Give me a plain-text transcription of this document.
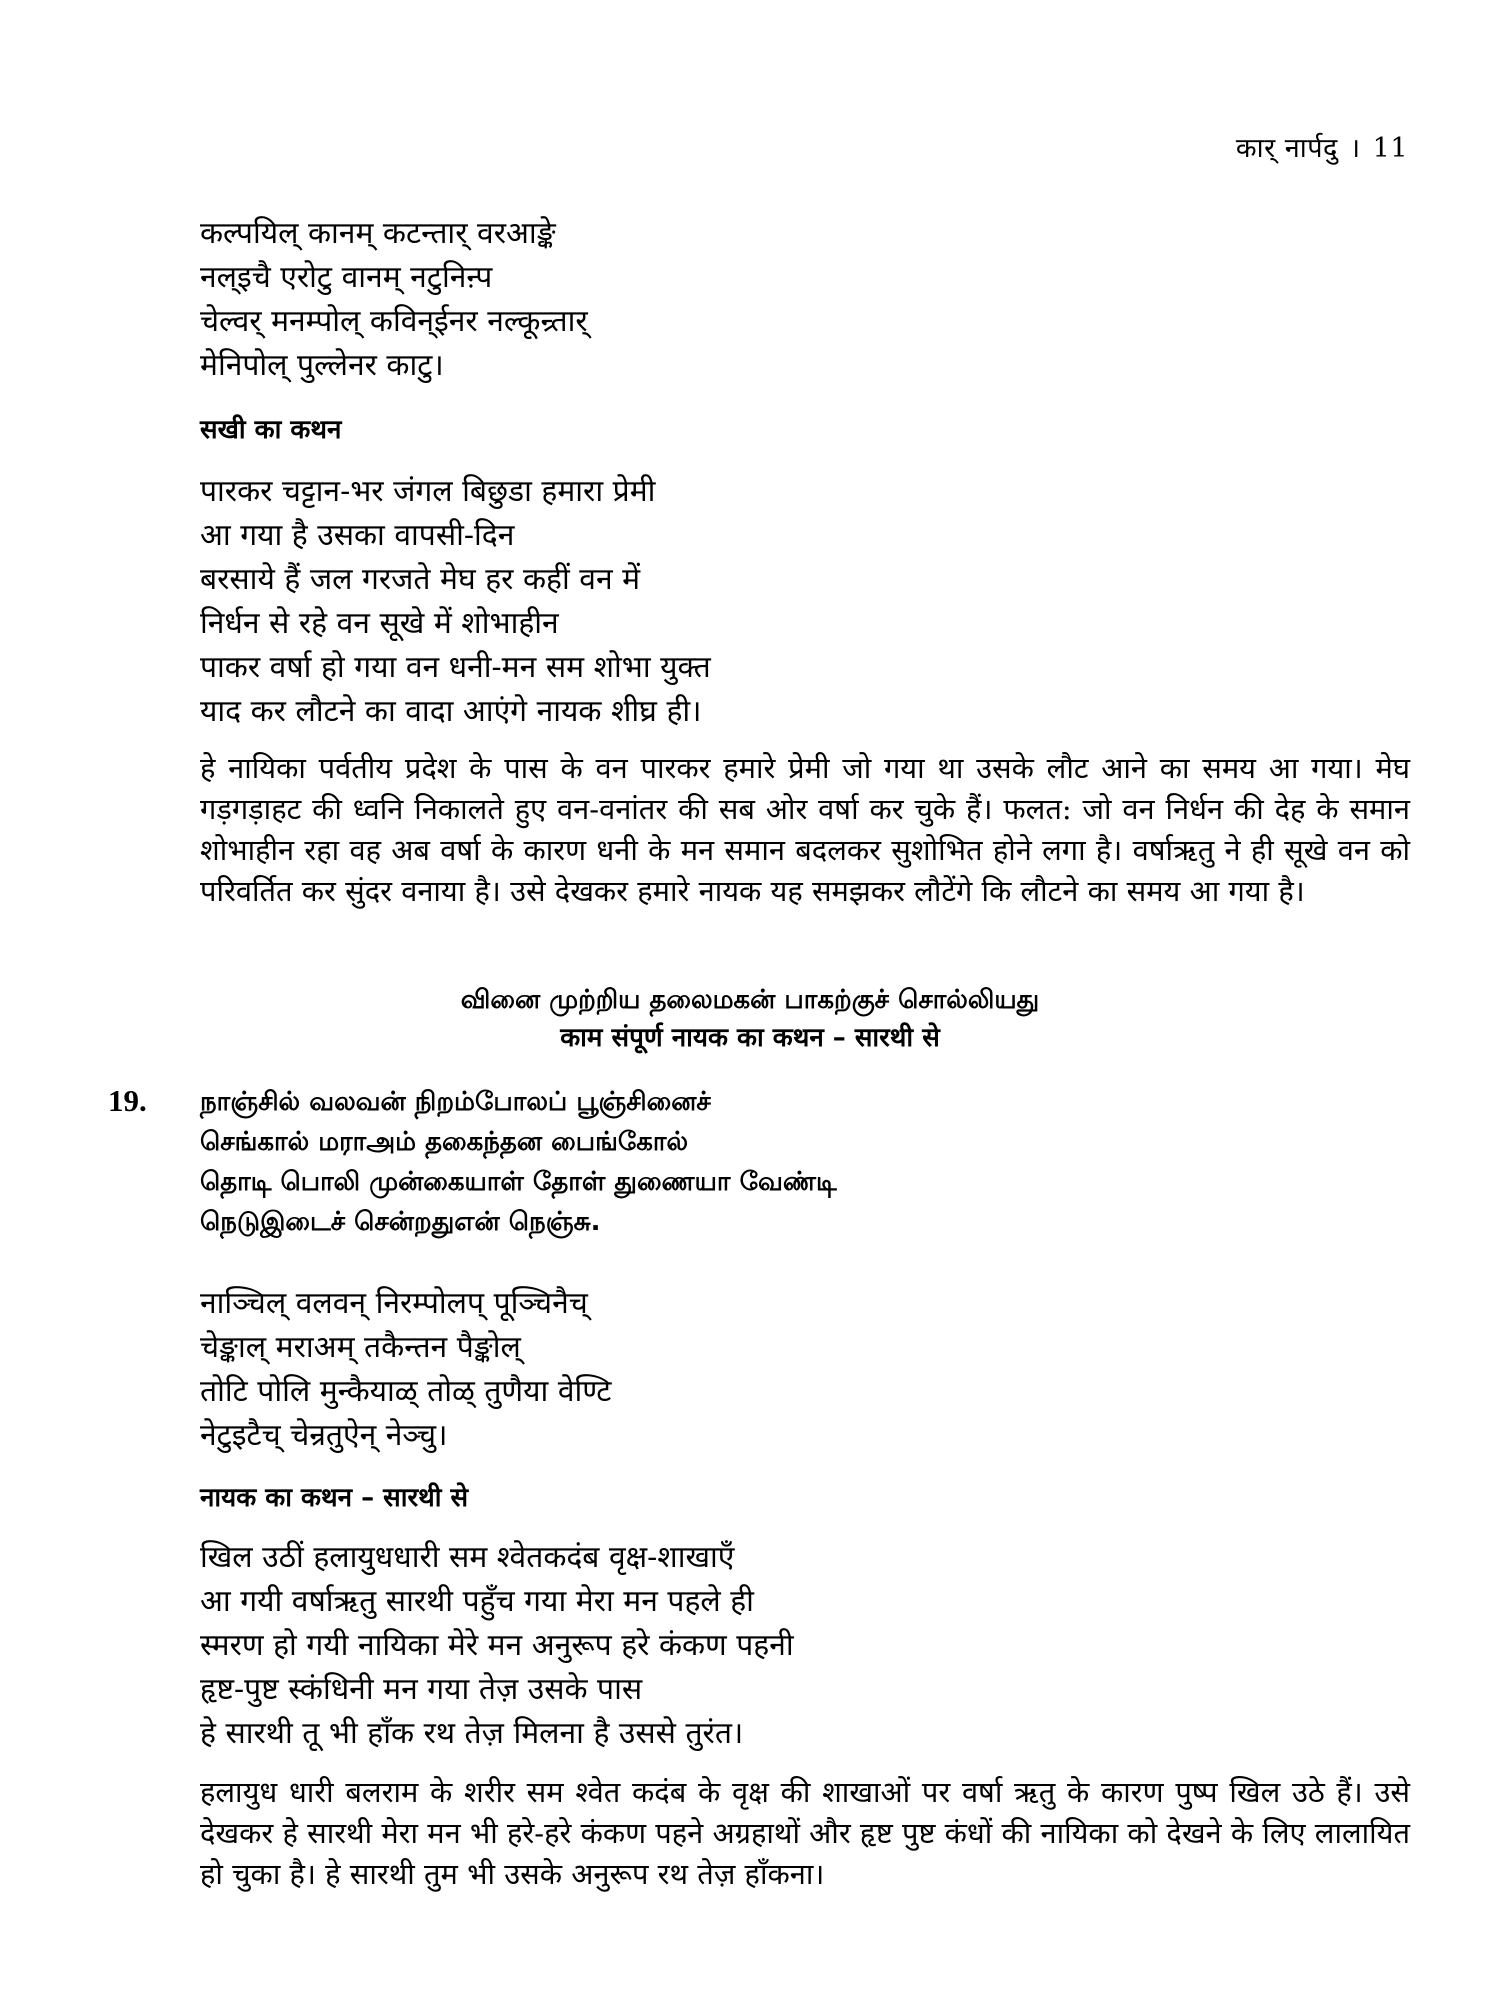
कार् नार्पदु । 11
कल्पयिल् कानम् कटन्तार् वरआङ्के
नल्इचै एरोटु वानम् नटुनिऩ्प
चेल्वर् मनम्पोल् कविन्ईनर नल्कून्र्तार्
मेनिपोल् पुल्लेनर काटु।
सखी का कथन
पारकर चट्टान-भर जंगल बिछुडा हमारा प्रेमी
आ गया है उसका वापसी-दिन
बरसाये हैं जल गरजते मेघ हर कहीं वन में
निर्धन से रहे वन सूखे में शोभाहीन
पाकर वर्षा हो गया वन धनी-मन सम शोभा युक्त
याद कर लौटने का वादा आएंगे नायक शीघ्र ही।
हे नायिका पर्वतीय प्रदेश के पास के वन पारकर हमारे प्रेमी जो गया था उसके लौट आने का समय आ गया। मेघ गड़गड़ाहट की ध्वनि निकालते हुए वन-वनांतर की सब ओर वर्षा कर चुके हैं। फलत: जो वन निर्धन की देह के समान शोभाहीन रहा वह अब वर्षा के कारण धनी के मन समान बदलकर सुशोभित होने लगा है। वर्षाऋतु ने ही सूखे वन को परिवर्तित कर सुंदर वनाया है। उसे देखकर हमारे नायक यह समझकर लौटेंगे कि लौटने का समय आ गया है।
வினை முற்றிய தலைமகன் பாகற்குச் சொல்லியது
काम संपूर्ण नायक का कथन – सारथी से
19. நாஞ்சில் வலவன் நிறம்போலப் பூஞ்சினைச்
செங்கால் மராஅம் தகைந்தன பைங்கோல்
தொடி பொலி முன்கையாள் தோள் துணையா வேண்டி
நெடுஇடைச் சென்றதுஎன் நெஞ்சு.
नाञ्चिल् वलवन् निरम्पोलप् पूञ्चिनैच्
चेङ्काल् मराअम् तकैन्तन पैङ्कोल्
तोटि पोलि मुन्कैयाळ् तोळ् तुणैया वेण्टि
नेटुइटैच् चेन्रतुऐन् नेञ्चु।
नायक का कथन – सारथी से
खिल उठीं हलायुधधारी सम श्वेतकदंब वृक्ष-शाखाएँ
आ गयी वर्षाऋतु सारथी पहुँच गया मेरा मन पहले ही
स्मरण हो गयी नायिका मेरे मन अनुरूप हरे कंकण पहनी
हृष्ट-पुष्ट स्कंधिनी मन गया तेज़ उसके पास
हे सारथी तू भी हाँक रथ तेज़ मिलना है उससे तुरंत।
हलायुध धारी बलराम के शरीर सम श्वेत कदंब के वृक्ष की शाखाओं पर वर्षा ऋतु के कारण पुष्प खिल उठे हैं। उसे देखकर हे सारथी मेरा मन भी हरे-हरे कंकण पहने अग्रहाथों और हृष्ट पुष्ट कंधों की नायिका को देखने के लिए लालायित हो चुका है। हे सारथी तुम भी उसके अनुरूप रथ तेज़ हाँकना।
